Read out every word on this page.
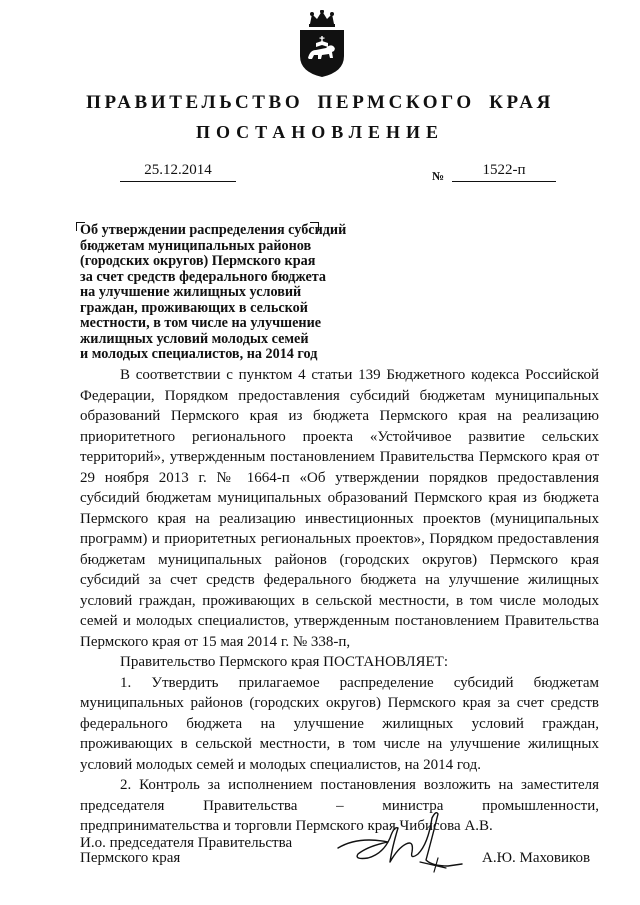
ПРАВИТЕЛЬСТВО ПЕРМСКОГО КРАЯ
ПОСТАНОВЛЕНИЕ
25.12.2014	№	1522-п
Об утверждении распределения субсидий
бюджетам муниципальных районов
(городских округов) Пермского края
за счет средств федерального бюджета
на улучшение жилищных условий
граждан, проживающих в сельской
местности, в том числе на улучшение
жилищных условий молодых семей
и молодых специалистов, на 2014 год

В соответствии с пунктом 4 статьи 139 Бюджетного кодекса Российской Федерации, Порядком предоставления субсидий бюджетам муниципальных образований Пермского края из бюджета Пермского края на реализацию приоритетного регионального проекта «Устойчивое развитие сельских территорий», утвержденным постановлением Правительства Пермского края от 29 ноября 2013 г. № 1664-п «Об утверждении порядков предоставления субсидий бюджетам муниципальных образований Пермского края из бюджета Пермского края на реализацию инвестиционных проектов (муниципальных программ) и приоритетных региональных проектов», Порядком предоставления бюджетам муниципальных районов (городских округов) Пермского края субсидий за счет средств федерального бюджета на улучшение жилищных условий граждан, проживающих в сельской местности, в том числе молодых семей и молодых специалистов, утвержденным постановлением Правительства Пермского края от 15 мая 2014 г. № 338-п,

Правительство Пермского края ПОСТАНОВЛЯЕТ:

1. Утвердить прилагаемое распределение субсидий бюджетам муниципальных районов (городских округов) Пермского края за счет средств федерального бюджета на улучшение жилищных условий граждан, проживающих в сельской местности, в том числе на улучшение жилищных условий молодых семей и молодых специалистов, на 2014 год.

2. Контроль за исполнением постановления возложить на заместителя председателя Правительства – министра промышленности, предпринимательства и торговли Пермского края Чибисова А.В.

И.о. председателя Правительства
Пермского края	А.Ю. Маховиков
